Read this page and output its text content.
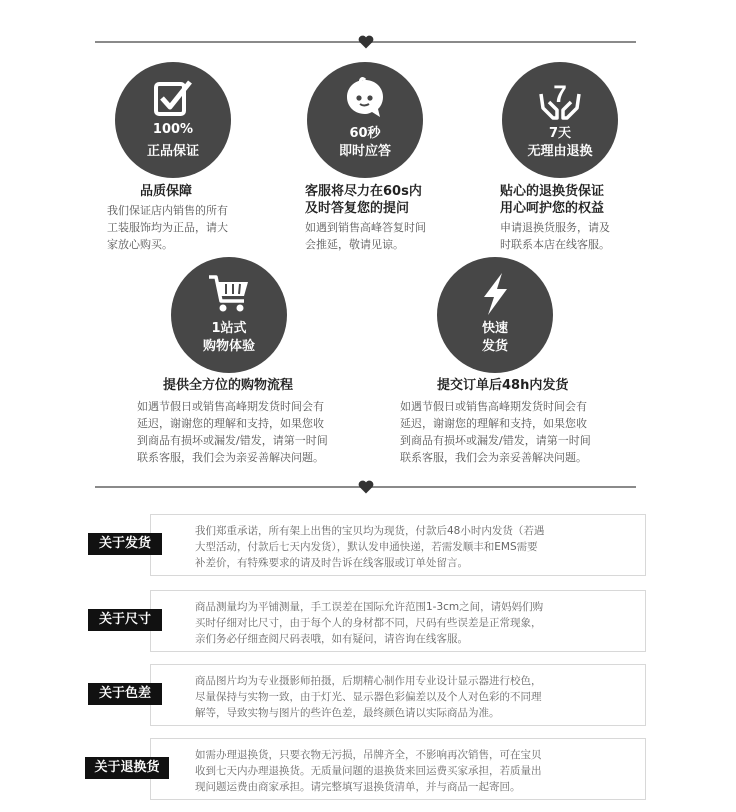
100%
正品保证
品质保障
我们保证店内销售的所有
工装服饰均为正品，请大
家放心购买。
60秒
即时应答
客服将尽力在60s内
及时答复您的提问
如遇到销售高峰答复时间
会推延，敬请见谅。
7
7天
无理由退换
贴心的退换货保证
用心呵护您的权益
申请退换货服务，请及
时联系本店在线客服。
1站式
购物体验
提供全方位的购物流程
如遇节假日或销售高峰期发货时间会有
延迟，谢谢您的理解和支持，如果您收
到商品有损坏或漏发/错发，请第一时间
联系客服，我们会为亲妥善解决问题。
快速
发货
提交订单后48h内发货
如遇节假日或销售高峰期发货时间会有
延迟，谢谢您的理解和支持，如果您收
到商品有损坏或漏发/错发，请第一时间
联系客服，我们会为亲妥善解决问题。
我们郑重承诺，所有架上出售的宝贝均为现货，付款后48小时内发货（若遇
大型活动，付款后七天内发货），默认发申通快递，若需发顺丰和EMS需要
补差价，有特殊要求的请及时告诉在线客服或订单处留言。
关于发货
商品测量均为平铺测量，手工误差在国际允许范围1-3cm之间，请妈妈们购
买时仔细对比尺寸，由于每个人的身材都不同，尺码有些误差是正常现象，
亲们务必仔细查阅尺码表哦，如有疑问，请咨询在线客服。
关于尺寸
商品图片均为专业摄影师拍摄，后期精心制作用专业设计显示器进行校色，
尽量保持与实物一致，由于灯光、显示器色彩偏差以及个人对色彩的不同理
解等，导致实物与图片的些许色差，最终颜色请以实际商品为准。
关于色差
如需办理退换货，只要衣物无污损，吊牌齐全，不影响再次销售，可在宝贝
收到七天内办理退换货。无质量问题的退换货来回运费买家承担，若质量出
现问题运费由商家承担。请完整填写退换货清单，并与商品一起寄回。
关于退换货
